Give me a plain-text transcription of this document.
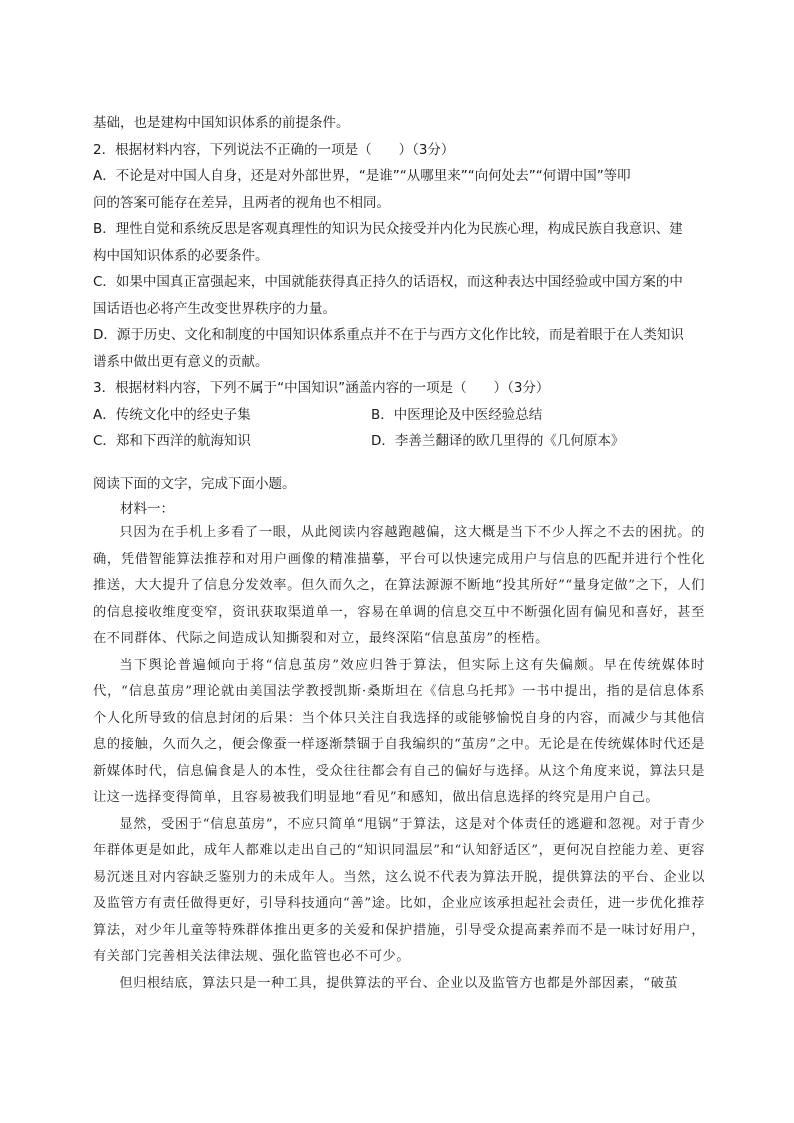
基础，也是建构中国知识体系的前提条件。
2．根据材料内容，下列说法不正确的一项是（　　）（3分）
A．不论是对中国人自身，还是对外部世界，“是谁”“从哪里来”“向何处去”“何谓中国”等叩
问的答案可能存在差异，且两者的视角也不相同。
B．理性自觉和系统反思是客观真理性的知识为民众接受并内化为民族心理，构成民族自我意识、建
构中国知识体系的必要条件。
C．如果中国真正富强起来，中国就能获得真正持久的话语权，而这种表达中国经验或中国方案的中
国话语也必将产生改变世界秩序的力量。
D．源于历史、文化和制度的中国知识体系重点并不在于与西方文化作比较，而是着眼于在人类知识
谱系中做出更有意义的贡献。
3．根据材料内容，下列不属于“中国知识”涵盖内容的一项是（　　）（3分）
A．传统文化中的经史子集	B．中医理论及中医经验总结
C．郑和下西洋的航海知识	D．李善兰翻译的欧几里得的《几何原本》
阅读下面的文字，完成下面小题。
材料一：

只因为在手机上多看了一眼，从此阅读内容越跑越偏，这大概是当下不少人挥之不去的困扰。的确，凭借智能算法推荐和对用户画像的精准描摹，平台可以快速完成用户与信息的匹配并进行个性化推送，大大提升了信息分发效率。但久而久之，在算法源源不断地“投其所好”“量身定做”之下，人们的信息接收维度变窄，资讯获取渠道单一，容易在单调的信息交互中不断强化固有偏见和喜好，甚至在不同群体、代际之间造成认知撕裂和对立，最终深陷“信息茧房”的桎梏。

当下舆论普遍倾向于将“信息茧房”效应归咎于算法，但实际上这有失偏颇。早在传统媒体时代，“信息茧房”理论就由美国法学教授凯斯·桑斯坦在《信息乌托邦》一书中提出，指的是信息体系个人化所导致的信息封闭的后果：当个体只关注自我选择的或能够愉悦自身的内容，而减少与其他信息的接触，久而久之，便会像蚕一样逐渐禁锢于自我编织的“茧房”之中。无论是在传统媒体时代还是新媒体时代，信息偏食是人的本性，受众往往都会有自己的偏好与选择。从这个角度来说，算法只是让这一选择变得简单，且容易被我们明显地“看见”和感知，做出信息选择的终究是用户自己。

显然，受困于“信息茧房”，不应只简单“甩锅”于算法，这是对个体责任的逃避和忽视。对于青少年群体更是如此，成年人都难以走出自己的“知识同温层”和“认知舒适区”，更何况自控能力差、更容易沉迷且对内容缺乏鉴别力的未成年人。当然，这么说不代表为算法开脱，提供算法的平台、企业以及监管方有责任做得更好，引导科技通向“善”途。比如，企业应该承担起社会责任，进一步优化推荐算法，对少年儿童等特殊群体推出更多的关爱和保护措施，引导受众提高素养而不是一味讨好用户，有关部门完善相关法律法规、强化监管也必不可少。

但归根结底，算法只是一种工具，提供算法的平台、企业以及监管方也都是外部因素，“破茧
